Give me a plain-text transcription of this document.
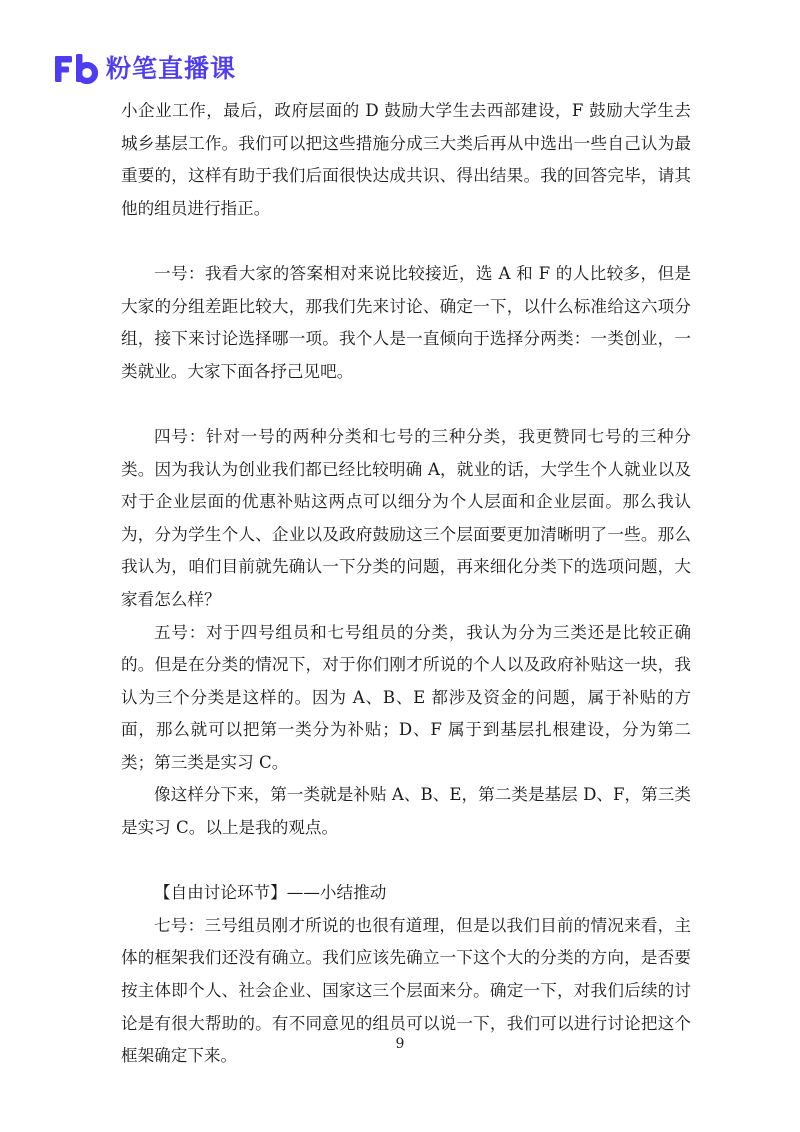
粉笔直播课

小企业工作，最后，政府层面的 D 鼓励大学生去西部建设，F 鼓励大学生去城乡基层工作。我们可以把这些措施分成三大类后再从中选出一些自己认为最重要的，这样有助于我们后面很快达成共识、得出结果。我的回答完毕，请其他的组员进行指正。

一号：我看大家的答案相对来说比较接近，选 A 和 F 的人比较多，但是大家的分组差距比较大，那我们先来讨论、确定一下，以什么标准给这六项分组，接下来讨论选择哪一项。我个人是一直倾向于选择分两类：一类创业，一类就业。大家下面各抒己见吧。

四号：针对一号的两种分类和七号的三种分类，我更赞同七号的三种分类。因为我认为创业我们都已经比较明确 A，就业的话，大学生个人就业以及对于企业层面的优惠补贴这两点可以细分为个人层面和企业层面。那么我认为，分为学生个人、企业以及政府鼓励这三个层面要更加清晰明了一些。那么我认为，咱们目前就先确认一下分类的问题，再来细化分类下的选项问题，大家看怎么样？

五号：对于四号组员和七号组员的分类，我认为分为三类还是比较正确的。但是在分类的情况下，对于你们刚才所说的个人以及政府补贴这一块，我认为三个分类是这样的。因为 A、B、E 都涉及资金的问题，属于补贴的方面，那么就可以把第一类分为补贴；D、F 属于到基层扎根建设，分为第二类；第三类是实习 C。

像这样分下来，第一类就是补贴 A、B、E，第二类是基层 D、F，第三类是实习 C。以上是我的观点。

【自由讨论环节】——小结推动

七号：三号组员刚才所说的也很有道理，但是以我们目前的情况来看，主体的框架我们还没有确立。我们应该先确立一下这个大的分类的方向，是否要按主体即个人、社会企业、国家这三个层面来分。确定一下，对我们后续的讨论是有很大帮助的。有不同意见的组员可以说一下，我们可以进行讨论把这个框架确定下来。

9
